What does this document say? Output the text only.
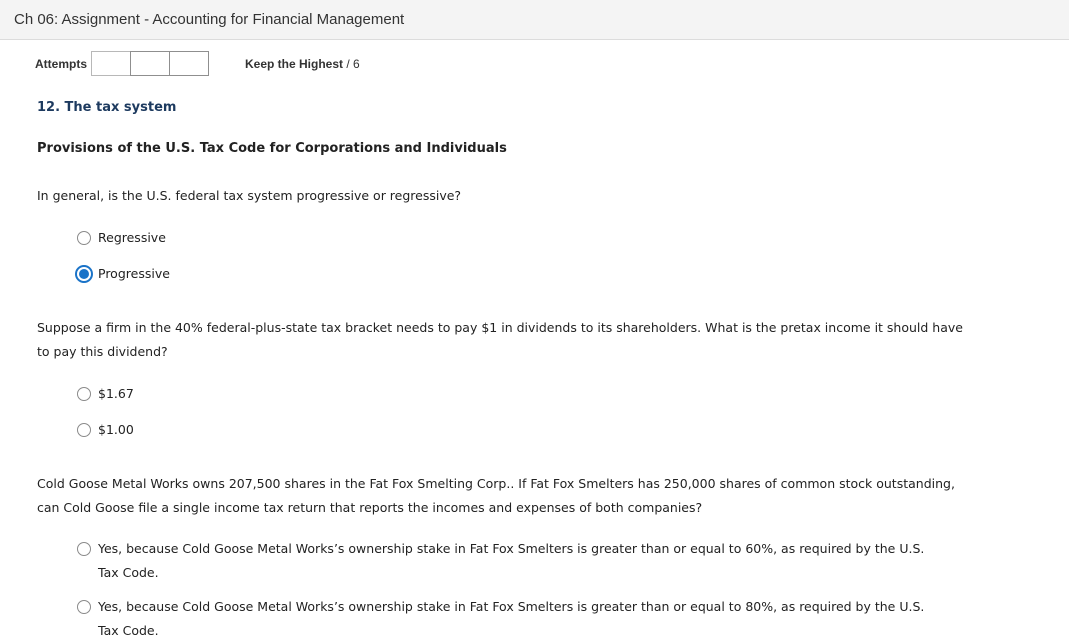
Ch 06: Assignment - Accounting for Financial Management
Attempts	Keep the Highest / 6
12. The tax system
Provisions of the U.S. Tax Code for Corporations and Individuals
In general, is the U.S. federal tax system progressive or regressive?
Regressive
Progressive
Suppose a firm in the 40% federal-plus-state tax bracket needs to pay $1 in dividends to its shareholders. What is the pretax income it should have to pay this dividend?
$1.67
$1.00
Cold Goose Metal Works owns 207,500 shares in the Fat Fox Smelting Corp.. If Fat Fox Smelters has 250,000 shares of common stock outstanding, can Cold Goose file a single income tax return that reports the incomes and expenses of both companies?
Yes, because Cold Goose Metal Works’s ownership stake in Fat Fox Smelters is greater than or equal to 60%, as required by the U.S. Tax Code.
Yes, because Cold Goose Metal Works’s ownership stake in Fat Fox Smelters is greater than or equal to 80%, as required by the U.S. Tax Code.
